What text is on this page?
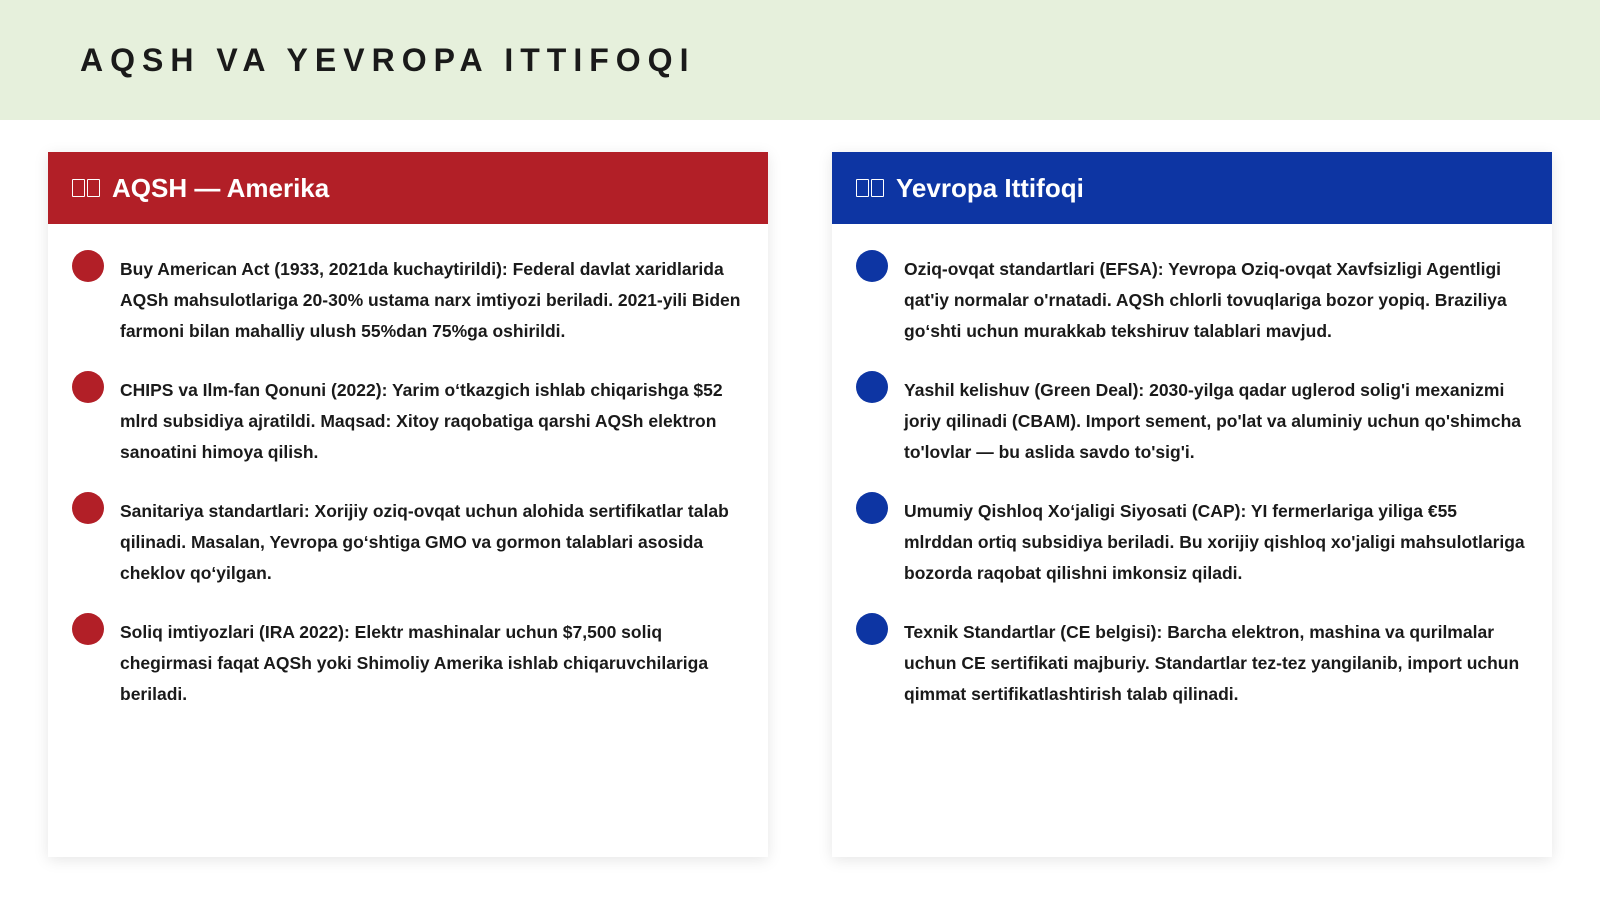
AQSH VA YEVROPA ITTIFOQI
AQSH — Amerika
Buy American Act (1933, 2021da kuchaytirildi): Federal davlat xaridlarida AQSh mahsulotlariga 20-30% ustama narx imtiyozi beriladi. 2021-yili Biden farmoni bilan mahalliy ulush 55%dan 75%ga oshirildi.
CHIPS va Ilm-fan Qonuni (2022): Yarim oʻtkazgich ishlab chiqarishga $52 mlrd subsidiya ajratildi. Maqsad: Xitoy raqobatiga qarshi AQSh elektron sanoatini himoya qilish.
Sanitariya standartlari: Xorijiy oziq-ovqat uchun alohida sertifikatlar talab qilinadi. Masalan, Yevropa goʻshtiga GMO va gormon talablari asosida cheklov qoʻyilgan.
Soliq imtiyozlari (IRA 2022): Elektr mashinalar uchun $7,500 soliq chegirmasi faqat AQSh yoki Shimoliy Amerika ishlab chiqaruvchilariga beriladi.
Yevropa Ittifoqi
Oziq-ovqat standartlari (EFSA): Yevropa Oziq-ovqat Xavfsizligi Agentligi qat'iy normalar o'rnatadi. AQSh chlorli tovuqlariga bozor yopiq. Braziliya goʻshti uchun murakkab tekshiruv talablari mavjud.
Yashil kelishuv (Green Deal): 2030-yilga qadar uglerod solig'i mexanizmi joriy qilinadi (CBAM). Import sement, po'lat va aluminiy uchun qo'shimcha to'lovlar — bu aslida savdo to'sig'i.
Umumiy Qishloq Xoʻjaligi Siyosati (CAP): YI fermerlariga yiliga €55 mlrddan ortiq subsidiya beriladi. Bu xorijiy qishloq xo'jaligi mahsulotlariga bozorda raqobat qilishni imkonsiz qiladi.
Texnik Standartlar (CE belgisi): Barcha elektron, mashina va qurilmalar uchun CE sertifikati majburiy. Standartlar tez-tez yangilanib, import uchun qimmat sertifikatlashtirish talab qilinadi.
